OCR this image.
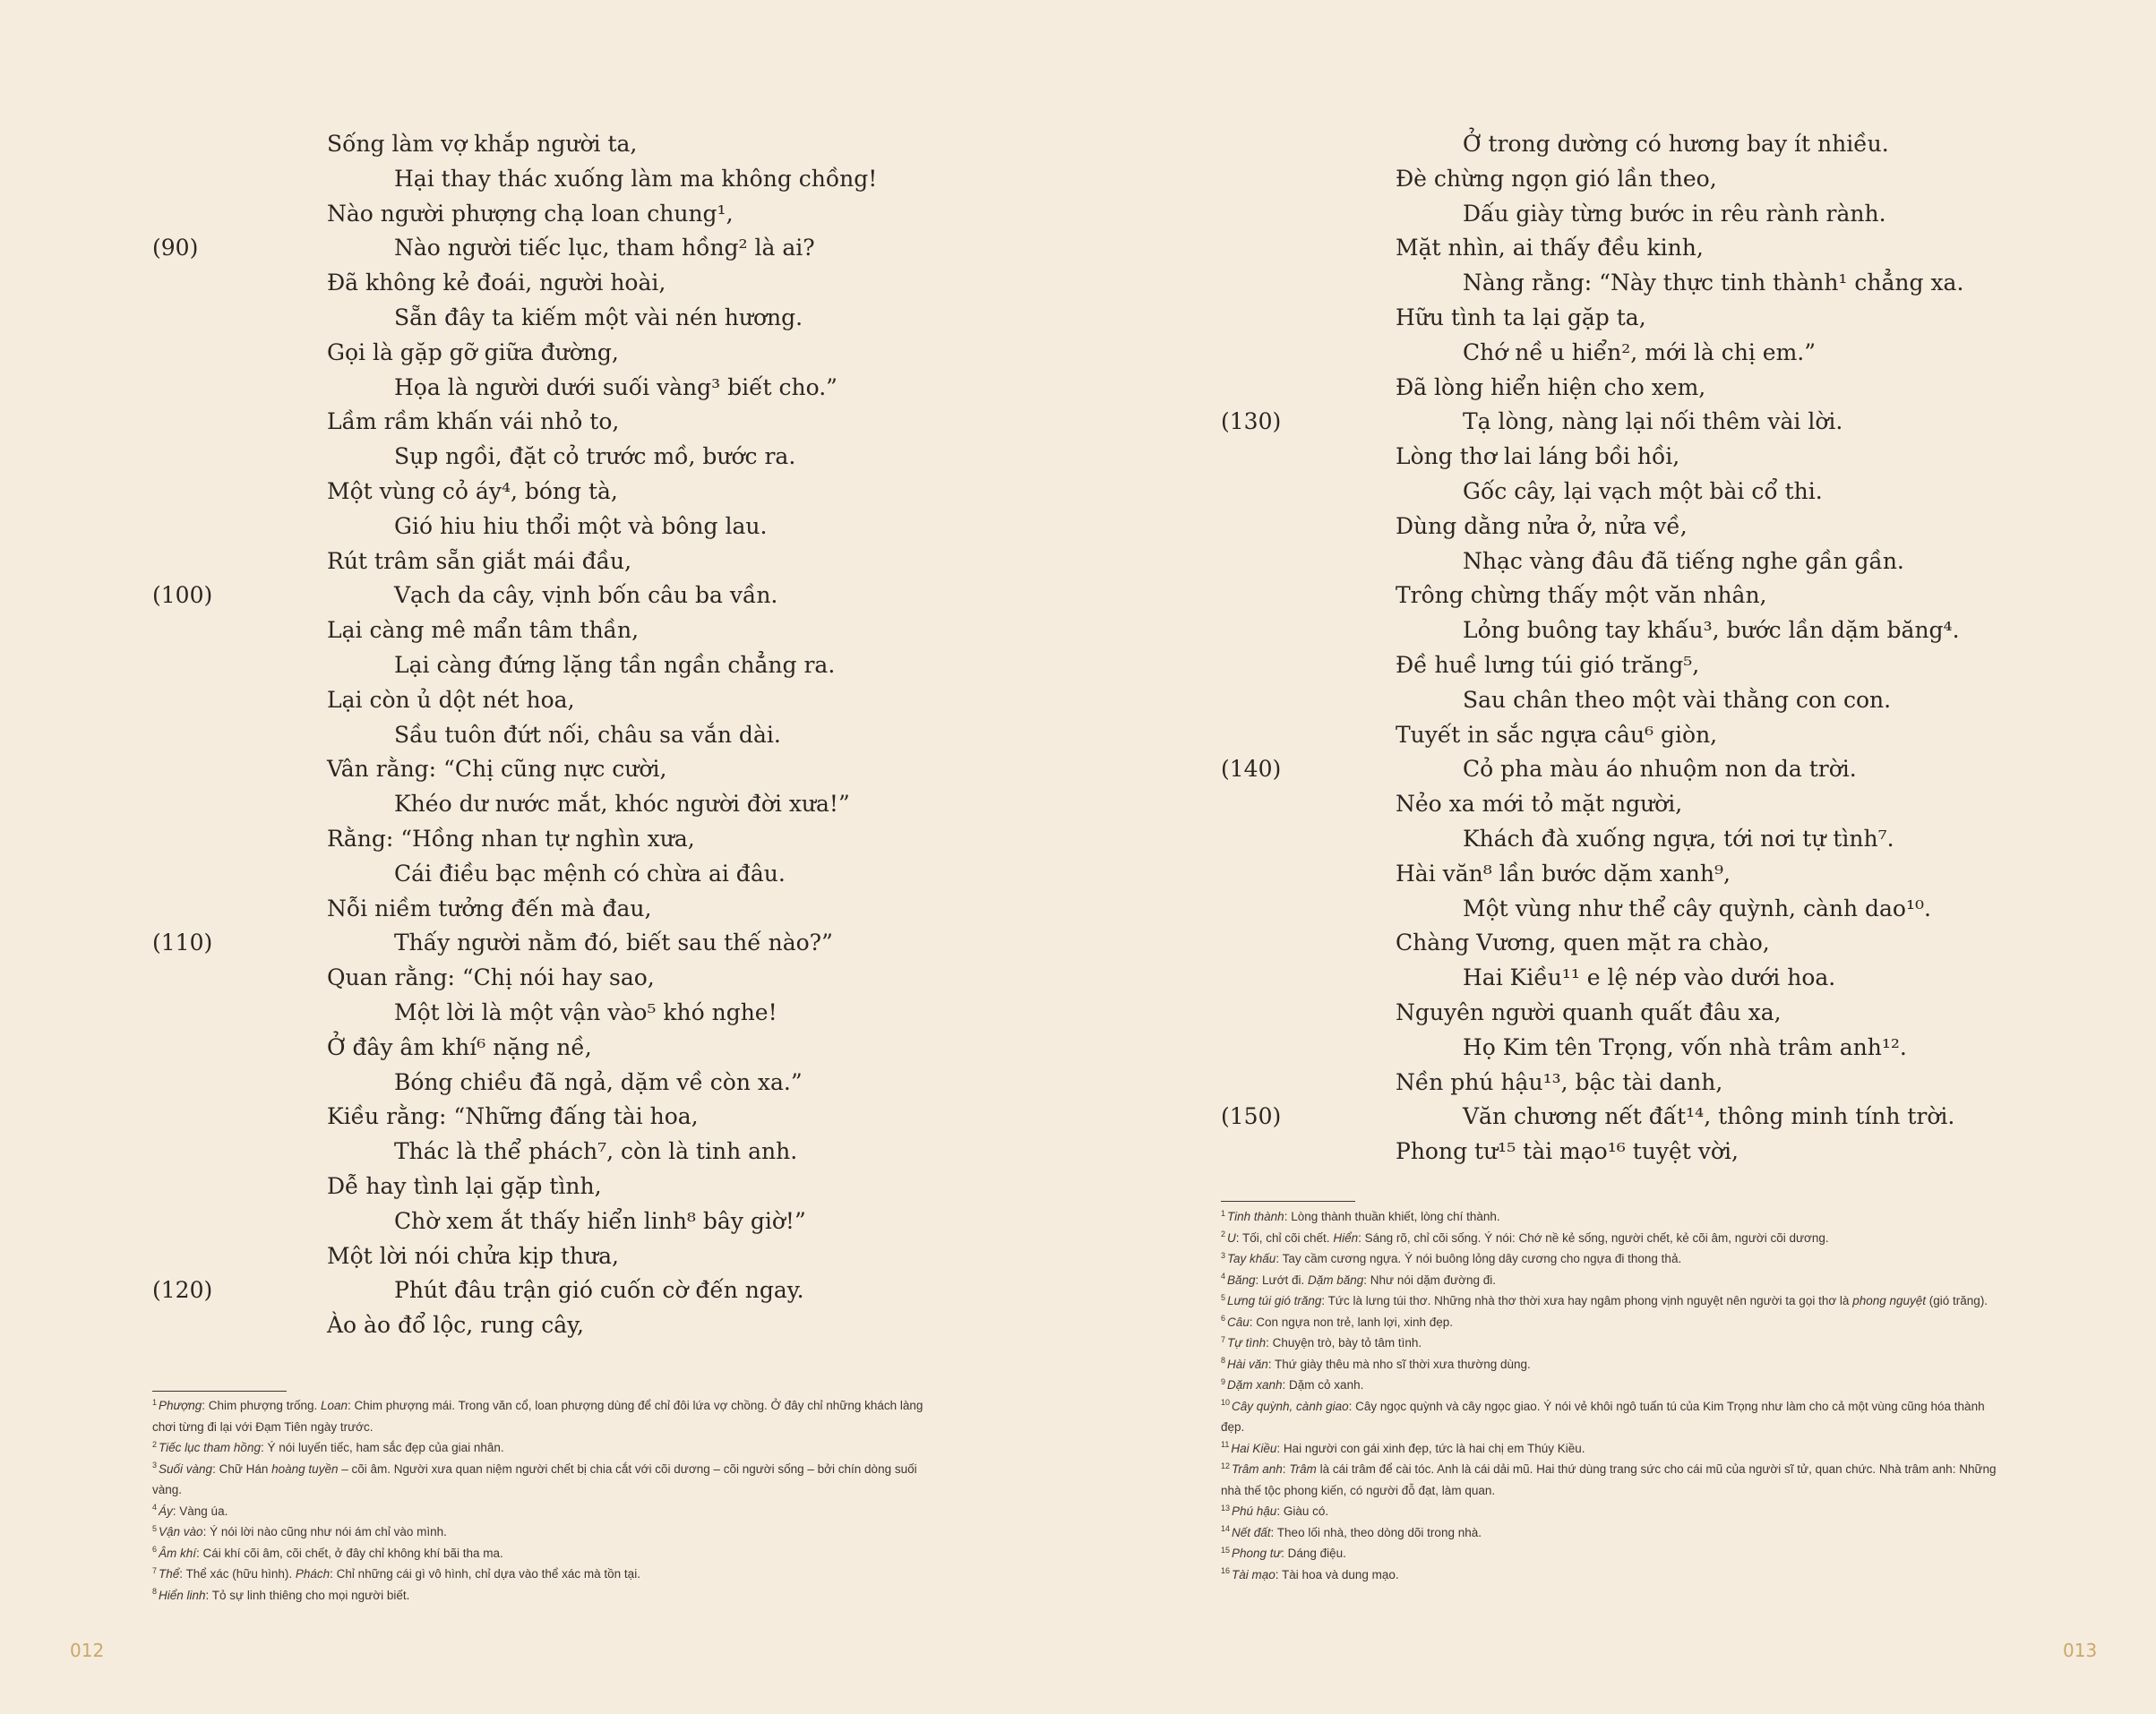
Sống làm vợ khắp người ta,
Hại thay thác xuống làm ma không chồng!
Nào người phượng chạ loan chung¹,
(90)	Nào người tiếc lục, tham hồng² là ai?
Đã không kẻ đoái, người hoài,
Sẵn đây ta kiếm một vài nén hương.
Gọi là gặp gỡ giữa đường,
Họa là người dưới suối vàng³ biết cho.”
Lầm rầm khấn vái nhỏ to,
Sụp ngồi, đặt cỏ trước mồ, bước ra.
Một vùng cỏ áy⁴, bóng tà,
Gió hiu hiu thổi một và bông lau.
Rút trâm sẵn giắt mái đầu,
(100)	Vạch da cây, vịnh bốn câu ba vần.
Lại càng mê mẩn tâm thần,
Lại càng đứng lặng tần ngần chẳng ra.
Lại còn ủ dột nét hoa,
Sầu tuôn đứt nối, châu sa vắn dài.
Vân rằng: “Chị cũng nực cười,
Khéo dư nước mắt, khóc người đời xưa!”
Rằng: “Hồng nhan tự nghìn xưa,
Cái điều bạc mệnh có chừa ai đâu.
Nỗi niềm tưởng đến mà đau,
(110)	Thấy người nằm đó, biết sau thế nào?”
Quan rằng: “Chị nói hay sao,
Một lời là một vận vào⁵ khó nghe!
Ở đây âm khí⁶ nặng nề,
Bóng chiều đã ngả, dặm về còn xa.”
Kiều rằng: “Những đấng tài hoa,
Thác là thể phách⁷, còn là tinh anh.
Dễ hay tình lại gặp tình,
Chờ xem ắt thấy hiển linh⁸ bây giờ!”
Một lời nói chửa kịp thưa,
(120)	Phút đâu trận gió cuốn cờ đến ngay.
Ào ào đổ lộc, rung cây,
$^1$ Phượng: Chim phượng trống. Loan: Chim phượng mái. Trong văn cổ, loan phượng dùng để chỉ đôi lứa vợ chồng. Ở đây chỉ những khách làng chơi từng đi lại với Đạm Tiên ngày trước.
$^2$ Tiếc lục tham hồng: Ý nói luyến tiếc, ham sắc đẹp của giai nhân.
$^3$ Suối vàng: Chữ Hán hoàng tuyền – cõi âm. Người xưa quan niệm người chết bị chia cắt với cõi dương – cõi người sống – bởi chín dòng suối vàng.
$^4$ Áy: Vàng úa.
$^5$ Vận vào: Ý nói lời nào cũng như nói ám chỉ vào mình.
$^6$ Âm khí: Cái khí cõi âm, cõi chết, ở đây chỉ không khí bãi tha ma.
$^7$ Thể: Thể xác (hữu hình). Phách: Chỉ những cái gì vô hình, chỉ dựa vào thể xác mà tồn tại.
$^8$ Hiển linh: Tỏ sự linh thiêng cho mọi người biết.
012
Ở trong dường có hương bay ít nhiều.
Đè chừng ngọn gió lần theo,
Dấu giày từng bước in rêu rành rành.
Mặt nhìn, ai thấy đều kinh,
Nàng rằng: “Này thực tinh thành¹ chẳng xa.
Hữu tình ta lại gặp ta,
Chớ nề u hiển², mới là chị em.”
Đã lòng hiển hiện cho xem,
(130)	Tạ lòng, nàng lại nối thêm vài lời.
Lòng thơ lai láng bồi hồi,
Gốc cây, lại vạch một bài cổ thi.
Dùng dằng nửa ở, nửa về,
Nhạc vàng đâu đã tiếng nghe gần gần.
Trông chừng thấy một văn nhân,
Lỏng buông tay khấu³, bước lần dặm băng⁴.
Đề huề lưng túi gió trăng⁵,
Sau chân theo một vài thằng con con.
Tuyết in sắc ngựa câu⁶ giòn,
(140)	Cỏ pha màu áo nhuộm non da trời.
Nẻo xa mới tỏ mặt người,
Khách đà xuống ngựa, tới nơi tự tình⁷.
Hài văn⁸ lần bước dặm xanh⁹,
Một vùng như thể cây quỳnh, cành dao¹⁰.
Chàng Vương, quen mặt ra chào,
Hai Kiều¹¹ e lệ nép vào dưới hoa.
Nguyên người quanh quất đâu xa,
Họ Kim tên Trọng, vốn nhà trâm anh¹².
Nền phú hậu¹³, bậc tài danh,
(150)	Văn chương nết đất¹⁴, thông minh tính trời.
Phong tư¹⁵ tài mạo¹⁶ tuyệt vời,
$^1$ Tinh thành: Lòng thành thuần khiết, lòng chí thành.
$^2$ U: Tối, chỉ cõi chết. Hiển: Sáng rõ, chỉ cõi sống. Ý nói: Chớ nề kẻ sống, người chết, kẻ cõi âm, người cõi dương.
$^3$ Tay khấu: Tay cầm cương ngựa. Ý nói buông lỏng dây cương cho ngựa đi thong thả.
$^4$ Băng: Lướt đi. Dặm băng: Như nói dặm đường đi.
$^5$ Lưng túi gió trăng: Tức là lưng túi thơ. Những nhà thơ thời xưa hay ngâm phong vịnh nguyệt nên người ta gọi thơ là phong nguyệt (gió trăng).
$^6$ Câu: Con ngựa non trẻ, lanh lợi, xinh đẹp.
$^7$ Tự tình: Chuyện trò, bày tỏ tâm tình.
$^8$ Hài văn: Thứ giày thêu mà nho sĩ thời xưa thường dùng.
$^9$ Dặm xanh: Dặm cỏ xanh.
$^{10}$ Cây quỳnh, cành giao: Cây ngọc quỳnh và cây ngọc giao. Ý nói vẻ khôi ngô tuấn tú của Kim Trọng như làm cho cả một vùng cũng hóa thành đẹp.
$^{11}$ Hai Kiều: Hai người con gái xinh đẹp, tức là hai chị em Thúy Kiều.
$^{12}$ Trâm anh: Trâm là cái trâm để cài tóc. Anh là cái dải mũ. Hai thứ dùng trang sức cho cái mũ của người sĩ tử, quan chức. Nhà trâm anh: Những nhà thế tộc phong kiến, có người đỗ đạt, làm quan.
$^{13}$ Phú hậu: Giàu có.
$^{14}$ Nết đất: Theo lối nhà, theo dòng dõi trong nhà.
$^{15}$ Phong tư: Dáng điệu.
$^{16}$ Tài mạo: Tài hoa và dung mạo.
013
